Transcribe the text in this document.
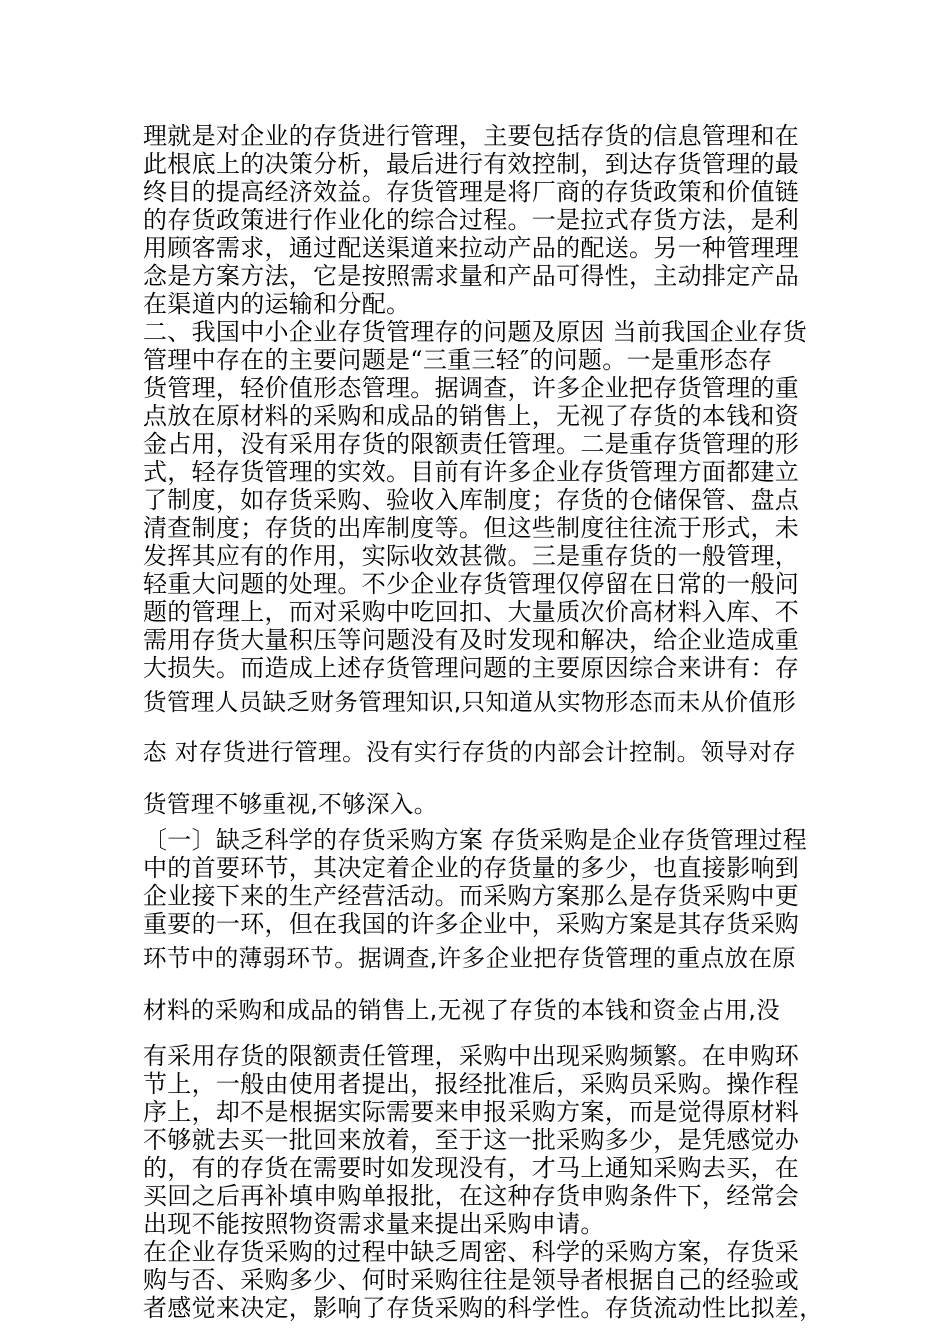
理就是对企业的存货进行管理，主要包括存货的信息管理和在
此根底上的决策分析，最后进行有效控制，到达存货管理的最
终目的提高经济效益。存货管理是将厂商的存货政策和价值链
的存货政策进行作业化的综合过程。一是拉式存货方法，是利
用顾客需求，通过配送渠道来拉动产品的配送。另一种管理理
念是方案方法，它是按照需求量和产品可得性，主动排定产品
在渠道内的运输和分配。
二、我国中小企业存货管理存的问题及原因 当前我国企业存货
管理中存在的主要问题是“三重三轻″的问题。一是重形态存
货管理，轻价值形态管理。据调查，许多企业把存货管理的重
点放在原材料的采购和成品的销售上，无视了存货的本钱和资
金占用，没有采用存货的限额责任管理。二是重存货管理的形
式，轻存货管理的实效。目前有许多企业存货管理方面都建立
了制度，如存货采购、验收入库制度；存货的仓储保管、盘点
清查制度；存货的出库制度等。但这些制度往往流于形式，未
发挥其应有的作用，实际收效甚微。三是重存货的一般管理，
轻重大问题的处理。不少企业存货管理仅停留在日常的一般问
题的管理上，而对采购中吃回扣、大量质次价高材料入库、不
需用存货大量积压等问题没有及时发现和解决，给企业造成重
大损失。而造成上述存货管理问题的主要原因综合来讲有：存
货管理人员缺乏财务管理知识,只知道从实物形态而未从价值形
态 对存货进行管理。没有实行存货的内部会计控制。领导对存
货管理不够重视,不够深入。
〔一〕缺乏科学的存货采购方案 存货采购是企业存货管理过程
中的首要环节，其决定着企业的存货量的多少，也直接影响到
企业接下来的生产经营活动。而采购方案那么是存货采购中更
重要的一环，但在我国的许多企业中，采购方案是其存货采购
环节中的薄弱环节。据调查,许多企业把存货管理的重点放在原
材料的采购和成品的销售上,无视了存货的本钱和资金占用,没
有采用存货的限额责任管理，采购中出现采购频繁。在申购环
节上，一般由使用者提出，报经批准后，采购员采购。操作程
序上，却不是根据实际需要来申报采购方案，而是觉得原材料
不够就去买一批回来放着，至于这一批采购多少，是凭感觉办
的，有的存货在需要时如发现没有，才马上通知采购去买，在
买回之后再补填申购单报批，在这种存货申购条件下，经常会
出现不能按照物资需求量来提出采购申请。
在企业存货采购的过程中缺乏周密、科学的采购方案，存货采
购与否、采购多少、何时采购往往是领导者根据自己的经验或
者感觉来决定，影响了存货采购的科学性。存货流动性比拟差，
